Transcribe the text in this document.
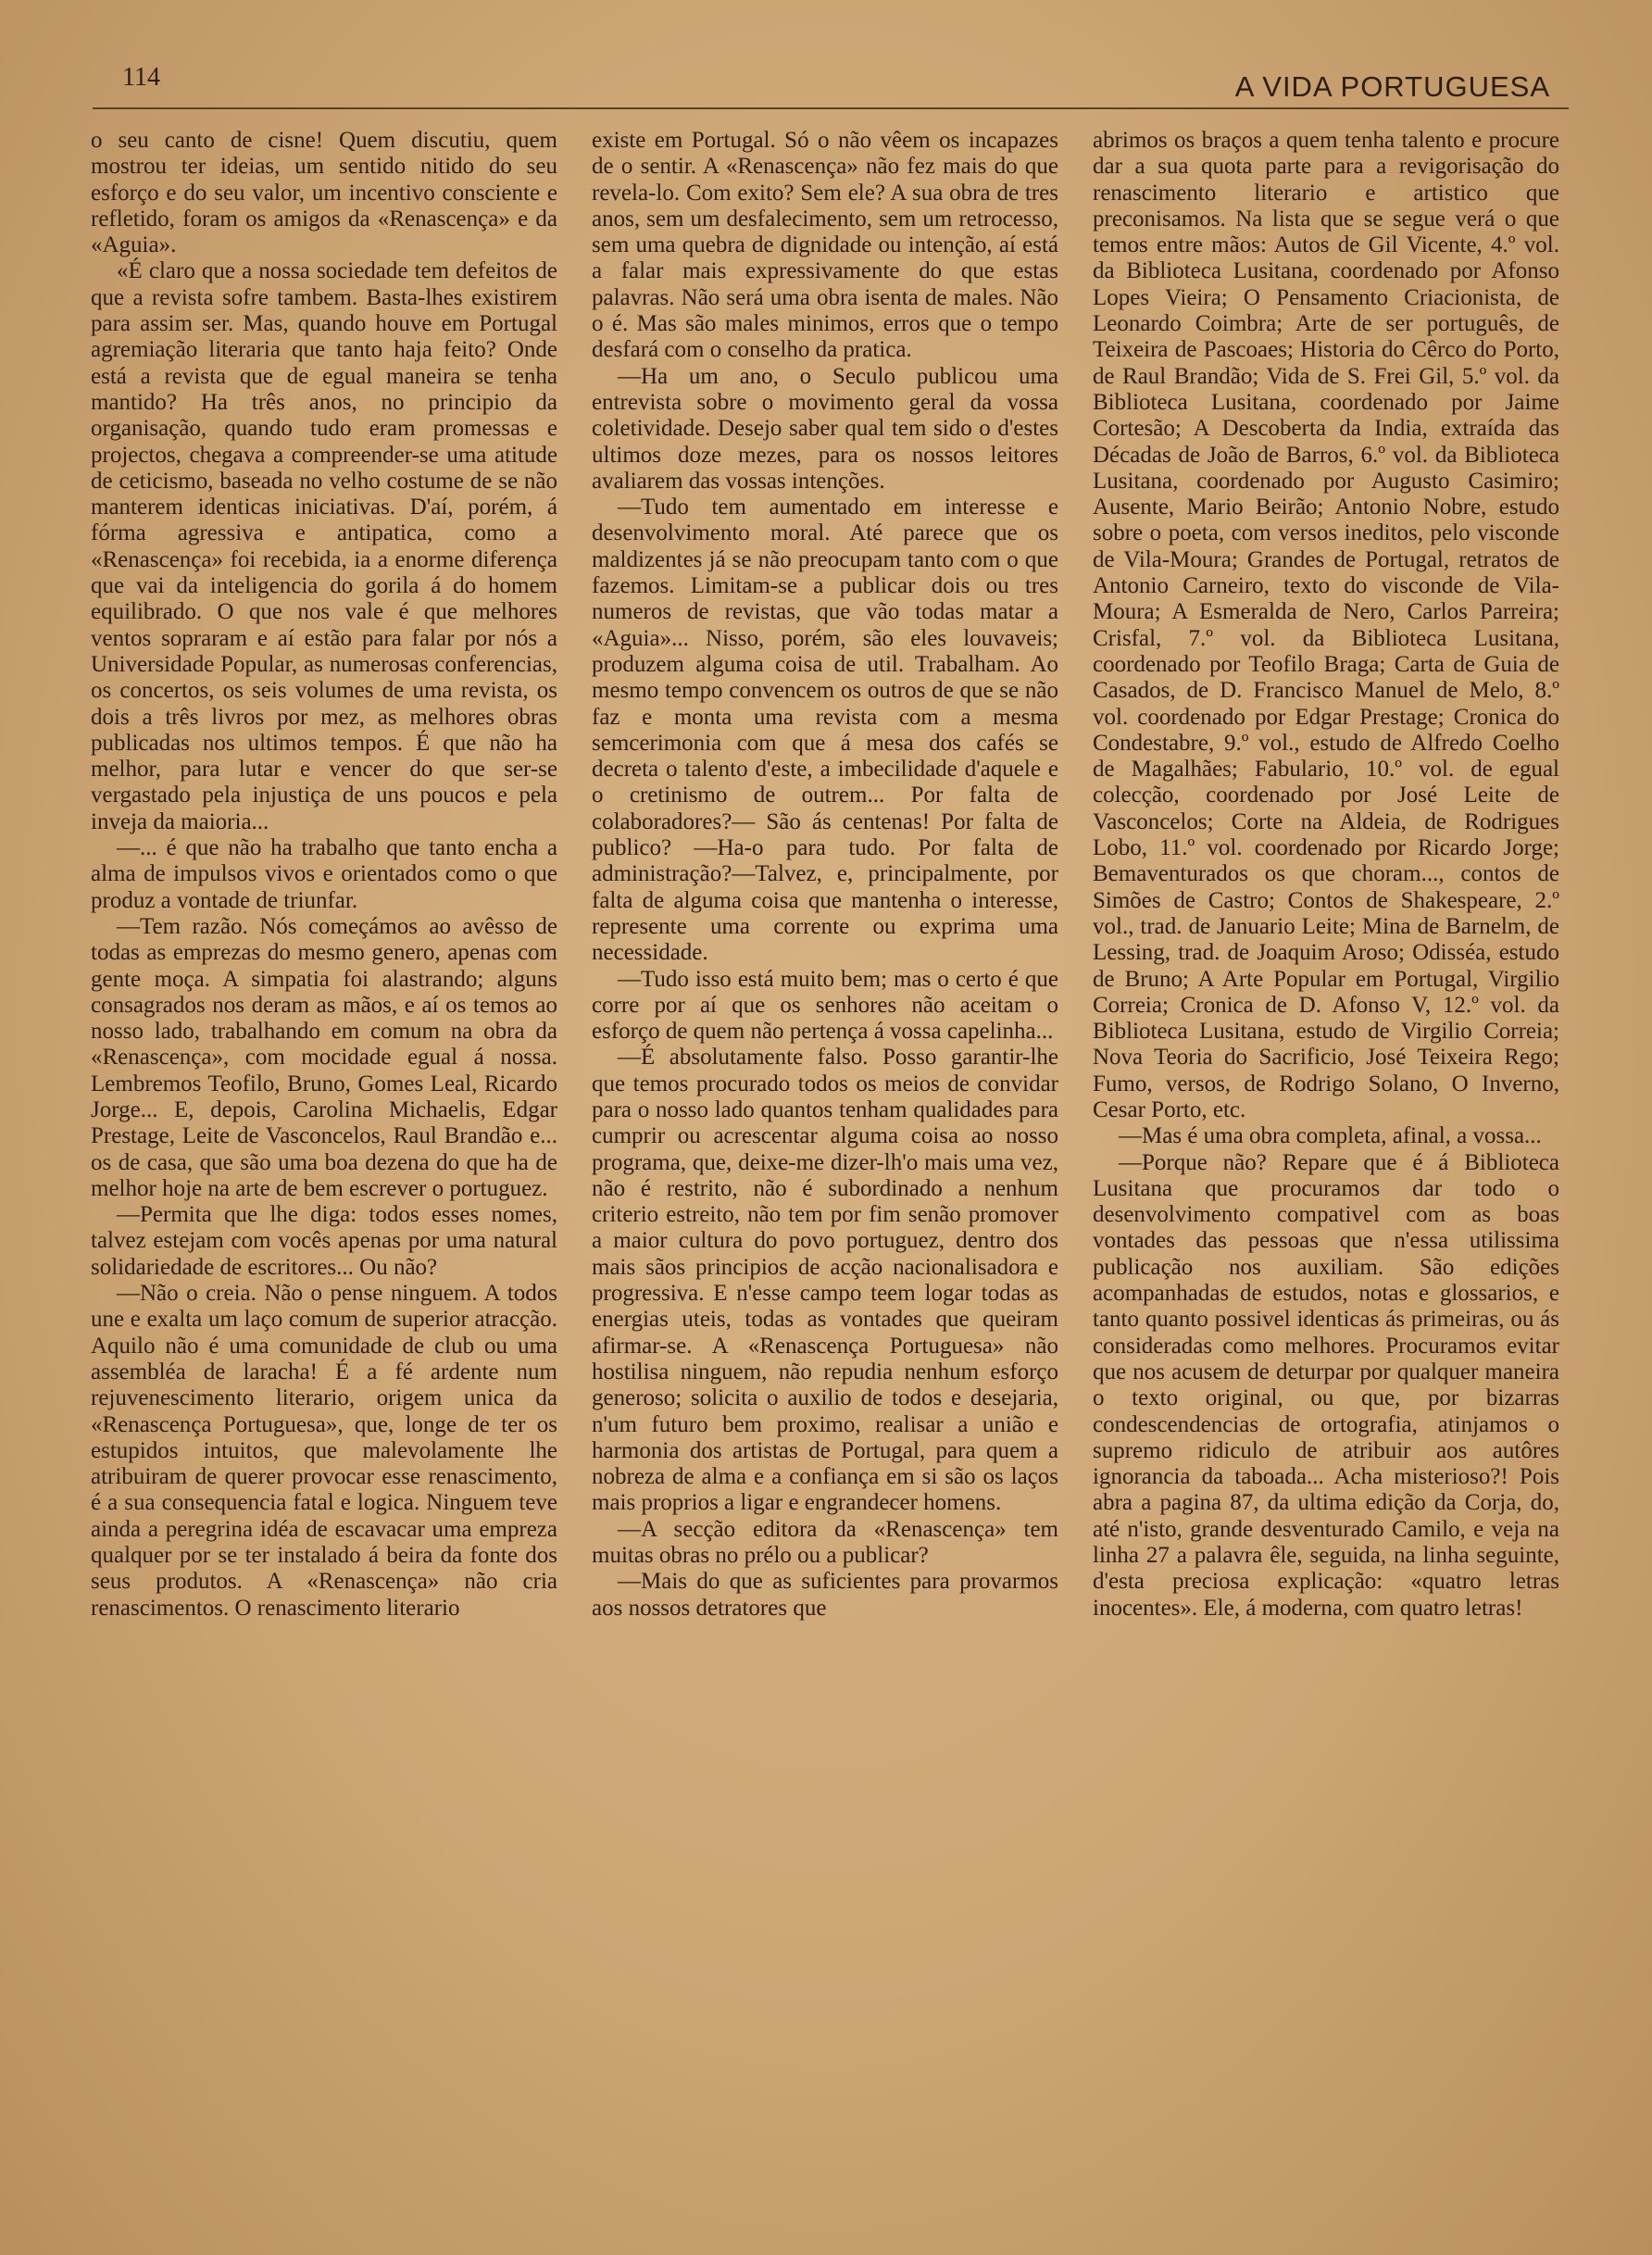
114	A VIDA PORTUGUESA

o seu canto de cisne! Quem discutiu, quem mostrou ter ideias, um sentido nitido do seu esforço e do seu valor, um incentivo consciente e refletido, foram os amigos da «Renascença» e da «Aguia».

«É claro que a nossa sociedade tem defeitos de que a revista sofre tambem. Basta-lhes existirem para assim ser. Mas, quando houve em Portugal agremiação literaria que tanto haja feito? Onde está a revista que de egual maneira se tenha mantido? Ha três anos, no principio da organisação, quando tudo eram promessas e projectos, chegava a compreender-se uma atitude de ceticismo, baseada no velho costume de se não manterem identicas iniciativas. D'aí, porém, á fórma agressiva e antipatica, como a «Renascença» foi recebida, ia a enorme diferença que vai da inteligencia do gorila á do homem equilibrado. O que nos vale é que melhores ventos sopraram e aí estão para falar por nós a Universidade Popular, as numerosas conferencias, os concertos, os seis volumes de uma revista, os dois a três livros por mez, as melhores obras publicadas nos ultimos tempos. É que não ha melhor, para lutar e vencer do que ser-se vergastado pela injustiça de uns poucos e pela inveja da maioria...

—... é que não ha trabalho que tanto encha a alma de impulsos vivos e orientados como o que produz a vontade de triunfar.

—Tem razão. Nós começámos ao avêsso de todas as emprezas do mesmo genero, apenas com gente moça. A simpatia foi alastrando; alguns consagrados nos deram as mãos, e aí os temos ao nosso lado, trabalhando em comum na obra da «Renascença», com mocidade egual á nossa. Lembremos Teofilo, Bruno, Gomes Leal, Ricardo Jorge... E, depois, Carolina Michaelis, Edgar Prestage, Leite de Vasconcelos, Raul Brandão e... os de casa, que são uma boa dezena do que ha de melhor hoje na arte de bem escrever o portuguez.

—Permita que lhe diga: todos esses nomes, talvez estejam com vocês apenas por uma natural solidariedade de escritores... Ou não?

—Não o creia. Não o pense ninguem. A todos une e exalta um laço comum de superior atracção. Aquilo não é uma comunidade de club ou uma assembléa de laracha! É a fé ardente num rejuvenescimento literario, origem unica da «Renascença Portuguesa», que, longe de ter os estupidos intuitos, que malevolamente lhe atribuiram de querer provocar esse renascimento, é a sua consequencia fatal e logica. Ninguem teve ainda a peregrina idéa de escavacar uma empreza qualquer por se ter instalado á beira da fonte dos seus produtos. A «Renascença» não cria renascimentos. O renascimento literario

existe em Portugal. Só o não vêem os incapazes de o sentir. A «Renascença» não fez mais do que revela-lo. Com exito? Sem ele? A sua obra de tres anos, sem um desfalecimento, sem um retrocesso, sem uma quebra de dignidade ou intenção, aí está a falar mais expressivamente do que estas palavras. Não será uma obra isenta de males. Não o é. Mas são males minimos, erros que o tempo desfará com o conselho da pratica.

—Ha um ano, o Seculo publicou uma entrevista sobre o movimento geral da vossa coletividade. Desejo saber qual tem sido o d'estes ultimos doze mezes, para os nossos leitores avaliarem das vossas intenções.

—Tudo tem aumentado em interesse e desenvolvimento moral. Até parece que os maldizentes já se não preocupam tanto com o que fazemos. Limitam-se a publicar dois ou tres numeros de revistas, que vão todas matar a «Aguia»... Nisso, porém, são eles louvaveis; produzem alguma coisa de util. Trabalham. Ao mesmo tempo convencem os outros de que se não faz e monta uma revista com a mesma semcerimonia com que á mesa dos cafés se decreta o talento d'este, a imbecilidade d'aquele e o cretinismo de outrem... Por falta de colaboradores?— São ás centenas! Por falta de publico? —Ha-o para tudo. Por falta de administração?—Talvez, e, principalmente, por falta de alguma coisa que mantenha o interesse, represente uma corrente ou exprima uma necessidade.

—Tudo isso está muito bem; mas o certo é que corre por aí que os senhores não aceitam o esforço de quem não pertença á vossa capelinha...

—É absolutamente falso. Posso garantir-lhe que temos procurado todos os meios de convidar para o nosso lado quantos tenham qualidades para cumprir ou acrescentar alguma coisa ao nosso programa, que, deixe-me dizer-lh'o mais uma vez, não é restrito, não é subordinado a nenhum criterio estreito, não tem por fim senão promover a maior cultura do povo portuguez, dentro dos mais sãos principios de acção nacionalisadora e progressiva. E n'esse campo teem logar todas as energias uteis, todas as vontades que queiram afirmar-se. A «Renascença Portuguesa» não hostilisa ninguem, não repudia nenhum esforço generoso; solicita o auxilio de todos e desejaria, n'um futuro bem proximo, realisar a união e harmonia dos artistas de Portugal, para quem a nobreza de alma e a confiança em si são os laços mais proprios a ligar e engrandecer homens.

—A secção editora da «Renascença» tem muitas obras no prélo ou a publicar?

—Mais do que as suficientes para provarmos aos nossos detratores que

abrimos os braços a quem tenha talento e procure dar a sua quota parte para a revigorisação do renascimento literario e artistico que preconisamos. Na lista que se segue verá o que temos entre mãos: Autos de Gil Vicente, 4.º vol. da Biblioteca Lusitana, coordenado por Afonso Lopes Vieira; O Pensamento Criacionista, de Leonardo Coimbra; Arte de ser português, de Teixeira de Pascoaes; Historia do Cêrco do Porto, de Raul Brandão; Vida de S. Frei Gil, 5.º vol. da Biblioteca Lusitana, coordenado por Jaime Cortesão; A Descoberta da India, extraída das Décadas de João de Barros, 6.º vol. da Biblioteca Lusitana, coordenado por Augusto Casimiro; Ausente, Mario Beirão; Antonio Nobre, estudo sobre o poeta, com versos ineditos, pelo visconde de Vila-Moura; Grandes de Portugal, retratos de Antonio Carneiro, texto do visconde de Vila-Moura; A Esmeralda de Nero, Carlos Parreira; Crisfal, 7.º vol. da Biblioteca Lusitana, coordenado por Teofilo Braga; Carta de Guia de Casados, de D. Francisco Manuel de Melo, 8.º vol. coordenado por Edgar Prestage; Cronica do Condestabre, 9.º vol., estudo de Alfredo Coelho de Magalhães; Fabulario, 10.º vol. de egual colecção, coordenado por José Leite de Vasconcelos; Corte na Aldeia, de Rodrigues Lobo, 11.º vol. coordenado por Ricardo Jorge; Bemaventurados os que choram..., contos de Simões de Castro; Contos de Shakespeare, 2.º vol., trad. de Januario Leite; Mina de Barnelm, de Lessing, trad. de Joaquim Aroso; Odisséa, estudo de Bruno; A Arte Popular em Portugal, Virgilio Correia; Cronica de D. Afonso V, 12.º vol. da Biblioteca Lusitana, estudo de Virgilio Correia; Nova Teoria do Sacrificio, José Teixeira Rego; Fumo, versos, de Rodrigo Solano, O Inverno, Cesar Porto, etc.

—Mas é uma obra completa, afinal, a vossa...

—Porque não? Repare que é á Biblioteca Lusitana que procuramos dar todo o desenvolvimento compativel com as boas vontades das pessoas que n'essa utilissima publicação nos auxiliam. São edições acompanhadas de estudos, notas e glossarios, e tanto quanto possivel identicas ás primeiras, ou ás consideradas como melhores. Procuramos evitar que nos acusem de deturpar por qualquer maneira o texto original, ou que, por bizarras condescendencias de ortografia, atinjamos o supremo ridiculo de atribuir aos autôres ignorancia da taboada... Acha misterioso?! Pois abra a pagina 87, da ultima edição da Corja, do, até n'isto, grande desventurado Camilo, e veja na linha 27 a palavra êle, seguida, na linha seguinte, d'esta preciosa explicação: «quatro letras inocentes». Ele, á moderna, com quatro letras!
